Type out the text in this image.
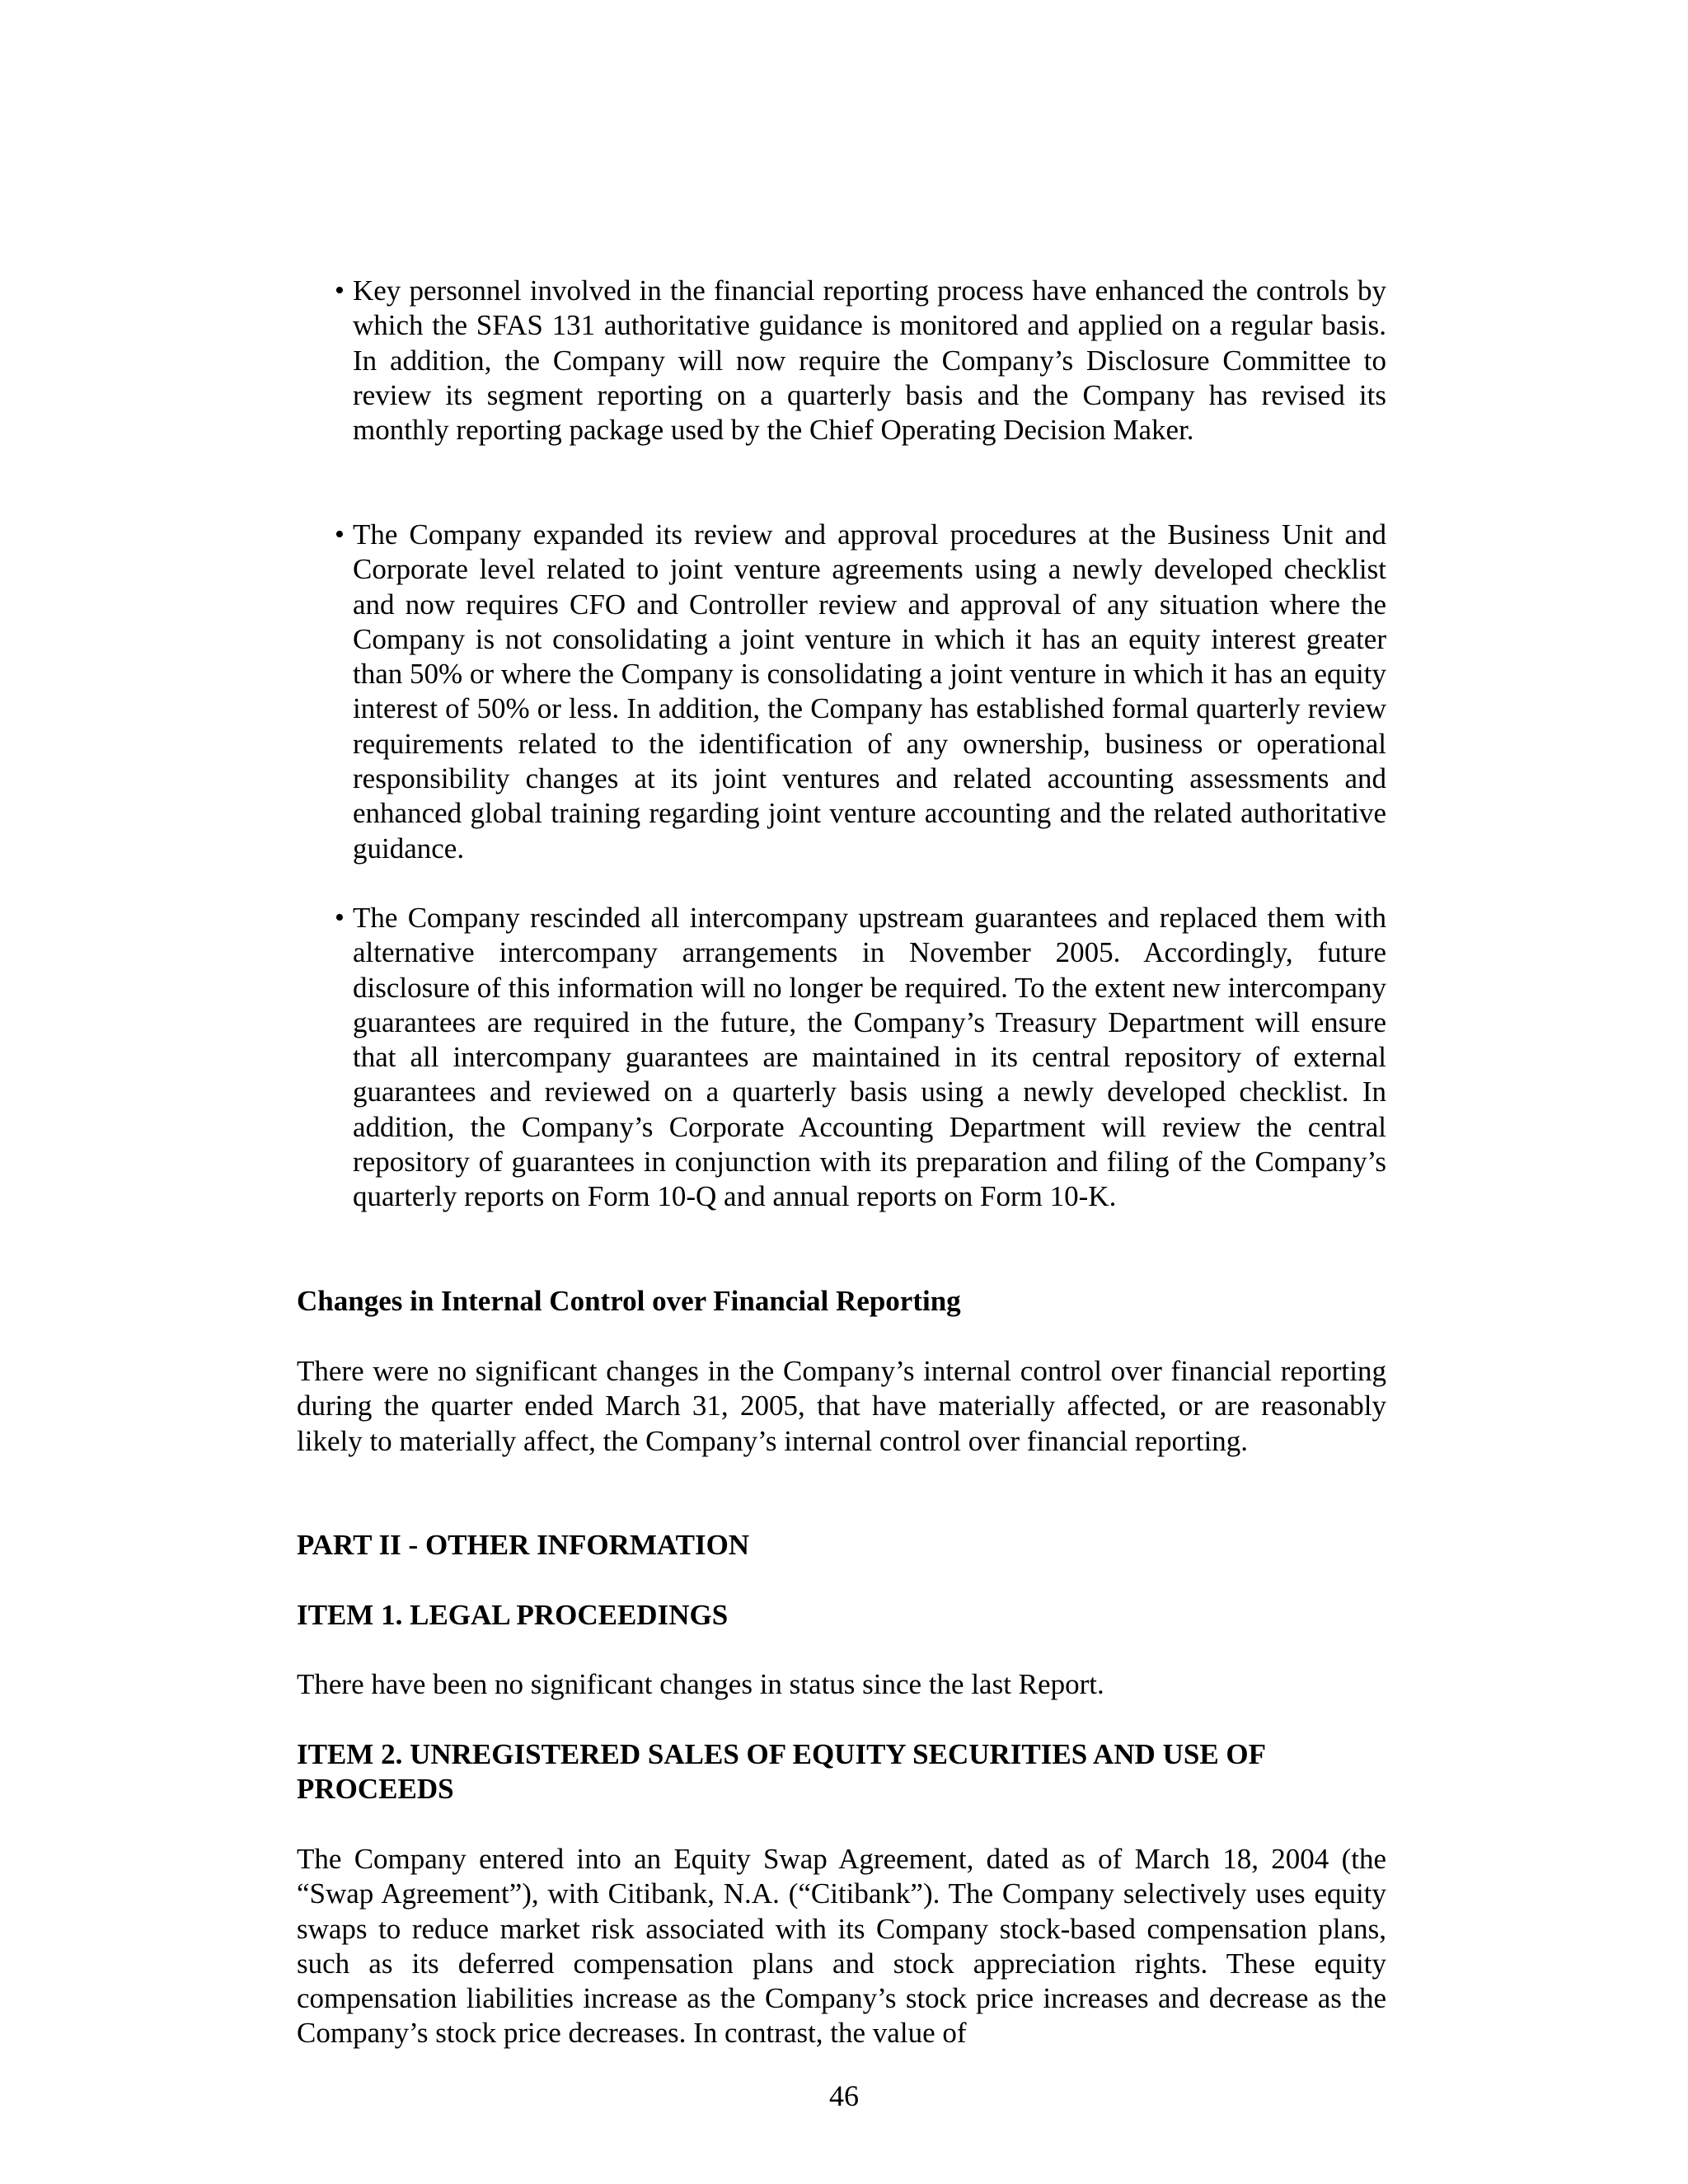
• Key personnel involved in the financial reporting process have enhanced the controls by which the SFAS 131 authoritative guidance is monitored and applied on a regular basis. In addition, the Company will now require the Company’s Disclosure Committee to review its segment reporting on a quarterly basis and the Company has revised its monthly reporting package used by the Chief Operating Decision Maker.

• The Company expanded its review and approval procedures at the Business Unit and Corporate level related to joint venture agreements using a newly developed checklist and now requires CFO and Controller review and approval of any situation where the Company is not consolidating a joint venture in which it has an equity interest greater than 50% or where the Company is consolidating a joint venture in which it has an equity interest of 50% or less. In addition, the Company has established formal quarterly review requirements related to the identification of any ownership, business or operational responsibility changes at its joint ventures and related accounting assessments and enhanced global training regarding joint venture accounting and the related authoritative guidance.

• The Company rescinded all intercompany upstream guarantees and replaced them with alternative intercompany arrangements in November 2005. Accordingly, future disclosure of this information will no longer be required. To the extent new intercompany guarantees are required in the future, the Company’s Treasury Department will ensure that all intercompany guarantees are maintained in its central repository of external guarantees and reviewed on a quarterly basis using a newly developed checklist. In addition, the Company’s Corporate Accounting Department will review the central repository of guarantees in conjunction with its preparation and filing of the Company’s quarterly reports on Form 10-Q and annual reports on Form 10-K.

Changes in Internal Control over Financial Reporting

There were no significant changes in the Company’s internal control over financial reporting during the quarter ended March 31, 2005, that have materially affected, or are reasonably likely to materially affect, the Company’s internal control over financial reporting.

PART II - OTHER INFORMATION
ITEM 1. LEGAL PROCEEDINGS

There have been no significant changes in status since the last Report.

ITEM 2. UNREGISTERED SALES OF EQUITY SECURITIES AND USE OF PROCEEDS

The Company entered into an Equity Swap Agreement, dated as of March 18, 2004 (the “Swap Agreement”), with Citibank, N.A. (“Citibank”). The Company selectively uses equity swaps to reduce market risk associated with its Company stock-based compensation plans, such as its deferred compensation plans and stock appreciation rights. These equity compensation liabilities increase as the Company’s stock price increases and decrease as the Company’s stock price decreases. In contrast, the value of

46
